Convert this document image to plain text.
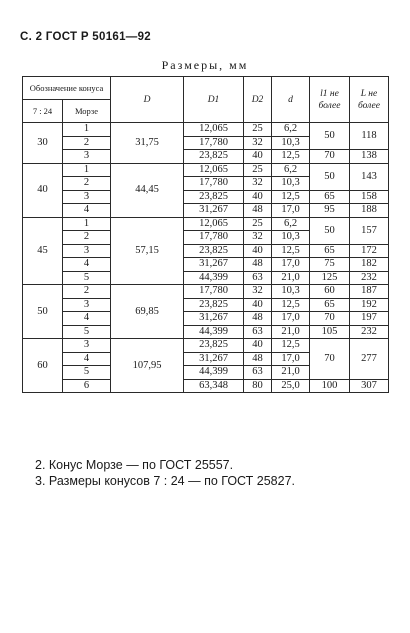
С. 2 ГОСТ Р 50161—92
Размеры, мм
Обозначение конуса		D	D1	D2	d	l1 не более	L не более
7 : 24	Морзе						
30	1	31,75	12,065	25	6,2	50	118
	2		17,780	32	10,3		
	3		23,825	40	12,5	70	138
40	1	44,45	12,065	25	6,2	50	143
	2		17,780	32	10,3		
	3		23,825	40	12,5	65	158
	4		31,267	48	17,0	95	188
45	1	57,15	12,065	25	6,2	50	157
	2		17,780	32	10,3		
	3		23,825	40	12,5	65	172
	4		31,267	48	17,0	75	182
	5		44,399	63	21,0	125	232
50	2	69,85	17,780	32	10,3	60	187
	3		23,825	40	12,5	65	192
	4		31,267	48	17,0	70	197
	5		44,399	63	21,0	105	232
60	3	107,95	23,825	40	12,5	70	277
	4		31,267	48	17,0		
	5		44,399	63	21,0		
	6		63,348	80	25,0	100	307
2. Конус Морзе — по ГОСТ 25557.
3. Размеры конусов 7 : 24 — по ГОСТ 25827.
